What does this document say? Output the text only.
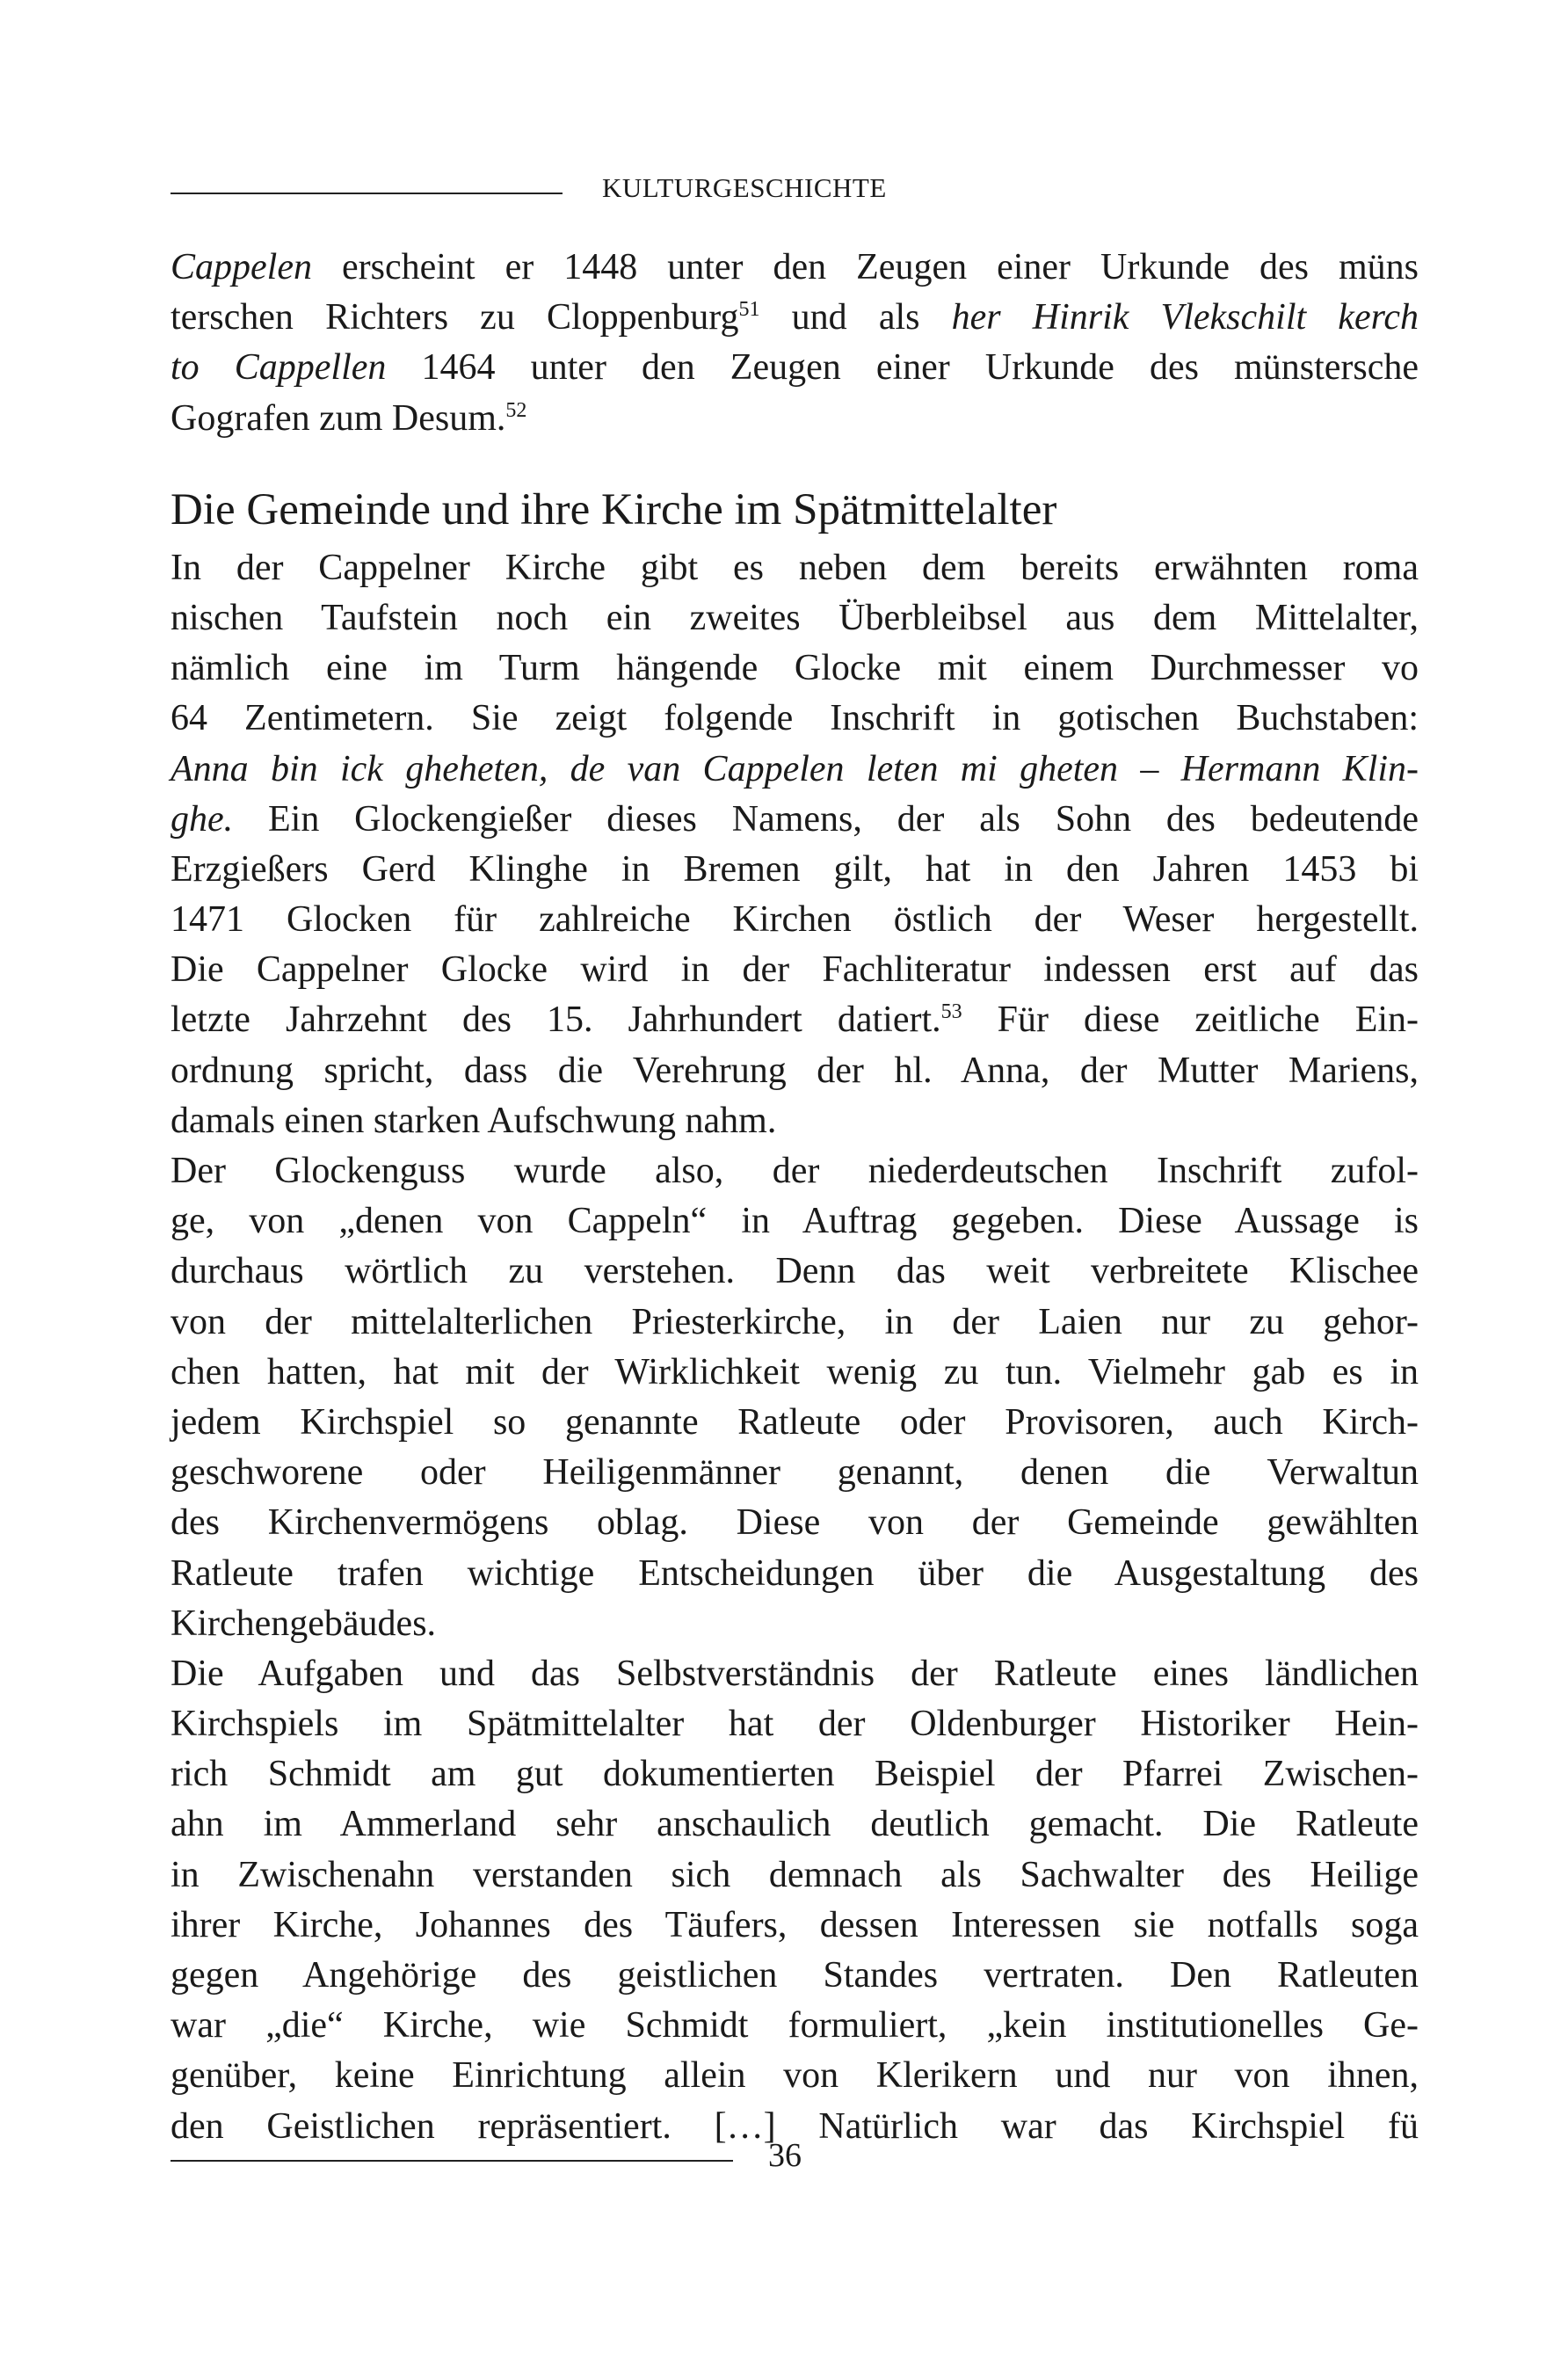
KULTURGESCHICHTE
Cappelen erscheint er 1448 unter den Zeugen einer Urkunde des müns
terschen Richters zu Cloppenburg$^{51}$ und als her Hinrik Vlekschilt kerch
to Cappellen 1464 unter den Zeugen einer Urkunde des münstersche
Gografen zum Desum.$^{52}$
Die Gemeinde und ihre Kirche im Spätmittelalter
In der Cappelner Kirche gibt es neben dem bereits erwähnten roma
nischen Taufstein noch ein zweites Überbleibsel aus dem Mittelalter,
nämlich eine im Turm hängende Glocke mit einem Durchmesser vo
64 Zentimetern. Sie zeigt folgende Inschrift in gotischen Buchstaben:
Anna bin ick gheheten, de van Cappelen leten mi gheten – Hermann Klin-
ghe. Ein Glockengießer dieses Namens, der als Sohn des bedeutende
Erzgießers Gerd Klinghe in Bremen gilt, hat in den Jahren 1453 bi
1471 Glocken für zahlreiche Kirchen östlich der Weser hergestellt.
Die Cappelner Glocke wird in der Fachliteratur indessen erst auf das
letzte Jahrzehnt des 15. Jahrhundert datiert.$^{53}$ Für diese zeitliche Ein-
ordnung spricht, dass die Verehrung der hl. Anna, der Mutter Mariens,
damals einen starken Aufschwung nahm.
Der Glockenguss wurde also, der niederdeutschen Inschrift zufol-
ge, von „denen von Cappeln“ in Auftrag gegeben. Diese Aussage is
durchaus wörtlich zu verstehen. Denn das weit verbreitete Klischee
von der mittelalterlichen Priesterkirche, in der Laien nur zu gehor-
chen hatten, hat mit der Wirklichkeit wenig zu tun. Vielmehr gab es in
jedem Kirchspiel so genannte Ratleute oder Provisoren, auch Kirch-
geschworene oder Heiligenmänner genannt, denen die Verwaltun
des Kirchenvermögens oblag. Diese von der Gemeinde gewählten
Ratleute trafen wichtige Entscheidungen über die Ausgestaltung des
Kirchengebäudes.
Die Aufgaben und das Selbstverständnis der Ratleute eines ländlichen
Kirchspiels im Spätmittelalter hat der Oldenburger Historiker Hein-
rich Schmidt am gut dokumentierten Beispiel der Pfarrei Zwischen-
ahn im Ammerland sehr anschaulich deutlich gemacht. Die Ratleute
in Zwischenahn verstanden sich demnach als Sachwalter des Heilige
ihrer Kirche, Johannes des Täufers, dessen Interessen sie notfalls soga
gegen Angehörige des geistlichen Standes vertraten. Den Ratleuten
war „die“ Kirche, wie Schmidt formuliert, „kein institutionelles Ge-
genüber, keine Einrichtung allein von Klerikern und nur von ihnen,
den Geistlichen repräsentiert. […] Natürlich war das Kirchspiel fü
36
